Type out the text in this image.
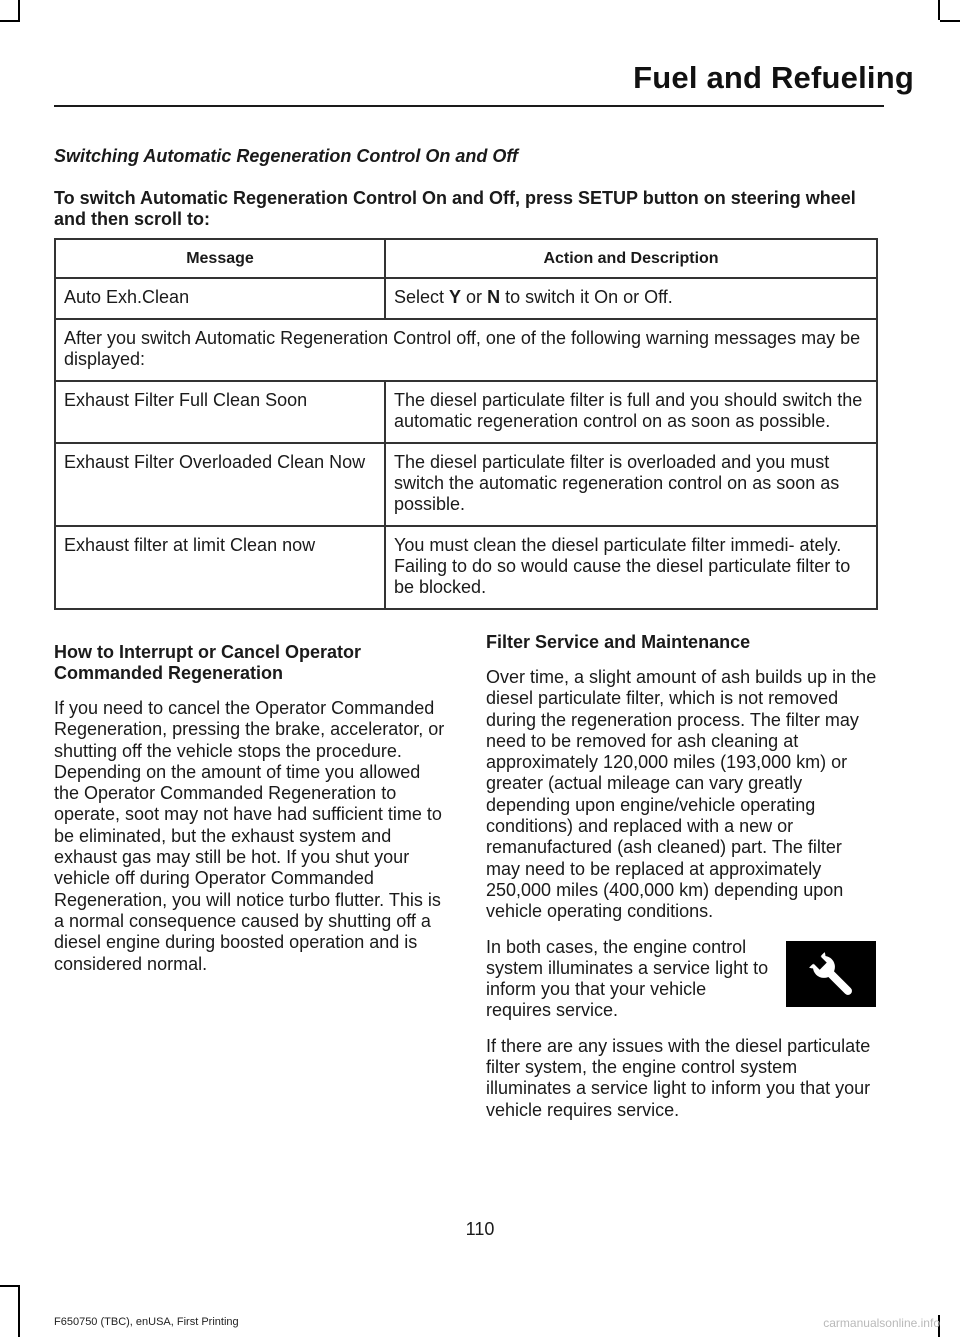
Fuel and Refueling
Switching Automatic Regeneration Control On and Off
To switch Automatic Regeneration Control On and Off, press SETUP button on steering wheel and then scroll to:
Message	Action and Description
Auto Exh.Clean	Select Y or N to switch it On or Off.
After you switch Automatic Regeneration Control off, one of the following warning messages may be displayed:	
Exhaust Filter Full Clean Soon	The diesel particulate filter is full and you should switch the automatic regeneration control on as soon as possible.
Exhaust Filter Overloaded Clean Now	The diesel particulate filter is overloaded and you must switch the automatic regeneration control on as soon as possible.
Exhaust filter at limit Clean now	You must clean the diesel particulate filter immedi- ately. Failing to do so would cause the diesel particulate filter to be blocked.
How to Interrupt or Cancel Operator Commanded Regeneration

If you need to cancel the Operator Commanded Regeneration, pressing the brake, accelerator, or shutting off the vehicle stops the procedure. Depending on the amount of time you allowed the Operator Commanded Regeneration to operate, soot may not have had sufficient time to be eliminated, but the exhaust system and exhaust gas may still be hot. If you shut your vehicle off during Operator Commanded Regeneration, you will notice turbo flutter. This is a normal consequence caused by shutting off a diesel engine during boosted operation and is considered normal.

Filter Service and Maintenance

Over time, a slight amount of ash builds up in the diesel particulate filter, which is not removed during the regeneration process. The filter may need to be removed for ash cleaning at approximately 120,000 miles (193,000 km) or greater (actual mileage can vary greatly depending upon engine/vehicle operating conditions) and replaced with a new or remanufactured (ash cleaned) part. The filter may need to be replaced at approximately 250,000 miles (400,000 km) depending upon vehicle operating conditions.

In both cases, the engine control system illuminates a service light to inform you that your vehicle requires service.

If there are any issues with the diesel particulate filter system, the engine control system illuminates a service light to inform you that your vehicle requires service.

110
F650750 (TBC), enUSA, First Printing	carmanualsonline.info
